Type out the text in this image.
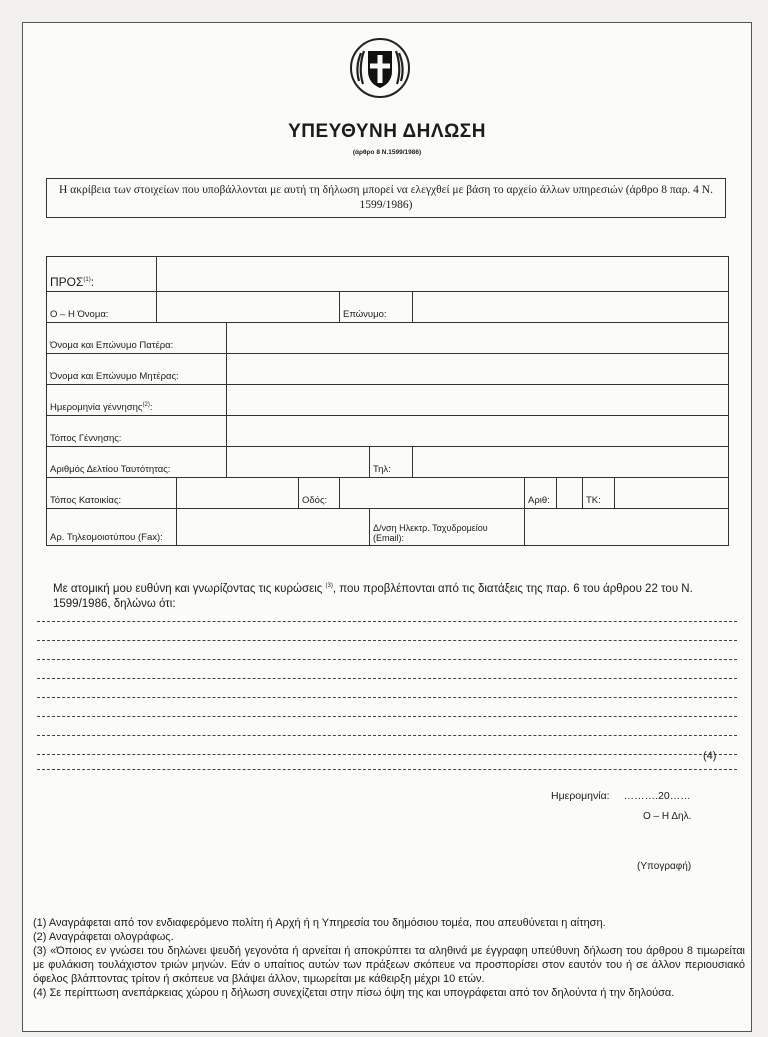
ΥΠΕΥΘΥΝΗ ΔΗΛΩΣΗ
(άρθρο 8 Ν.1599/1986)
Η ακρίβεια των στοιχείων που υποβάλλονται με αυτή τη δήλωση μπορεί να ελεγχθεί με βάση το αρχείο άλλων υπηρεσιών (άρθρο 8 παρ. 4 Ν. 1599/1986)
ΠΡΟΣ$^{(1)}$:											
Ο – Η Όνομα:					Επώνυμο:						
Όνομα και Επώνυμο Πατέρα:											
Όνομα και Επώνυμο Μητέρας:											
Ημερομηνία γέννησης$^{(2)}$:											
Τόπος Γέννησης:											
Αριθμός Δελτίου Ταυτότητας:						Τηλ:					
Τόπος Κατοικίας:				Οδός:				Αριθ:		ΤΚ:	
Αρ. Τηλεομοιοτύπου (Fax):						Δ/νση Ηλεκτρ. Ταχυδρομείου (Email):					
Με ατομική μου ευθύνη και γνωρίζοντας τις κυρώσεις $^{(3)}$, που προβλέπονται από τις διατάξεις της παρ. 6 του άρθρου 22 του Ν. 1599/1986, δηλώνω ότι:
(4)
Ημερομηνία: ……….20……
Ο – Η Δηλ.
(Υπογραφή)

(1) Αναγράφεται από τον ενδιαφερόμενο πολίτη ή Αρχή ή η Υπηρεσία του δημόσιου τομέα, που απευθύνεται η αίτηση.

(2) Αναγράφεται ολογράφως.

(3) «Όποιος εν γνώσει του δηλώνει ψευδή γεγονότα ή αρνείται ή αποκρύπτει τα αληθινά με έγγραφη υπεύθυνη δήλωση του άρθρου 8 τιμωρείται με φυλάκιση τουλάχιστον τριών μηνών. Εάν ο υπαίτιος αυτών των πράξεων σκόπευε να προσπορίσει στον εαυτόν του ή σε άλλον περιουσιακό όφελος βλάπτοντας τρίτον ή σκόπευε να βλάψει άλλον, τιμωρείται με κάθειρξη μέχρι 10 ετών.

(4) Σε περίπτωση ανεπάρκειας χώρου η δήλωση συνεχίζεται στην πίσω όψη της και υπογράφεται από τον δηλούντα ή την δηλούσα.
